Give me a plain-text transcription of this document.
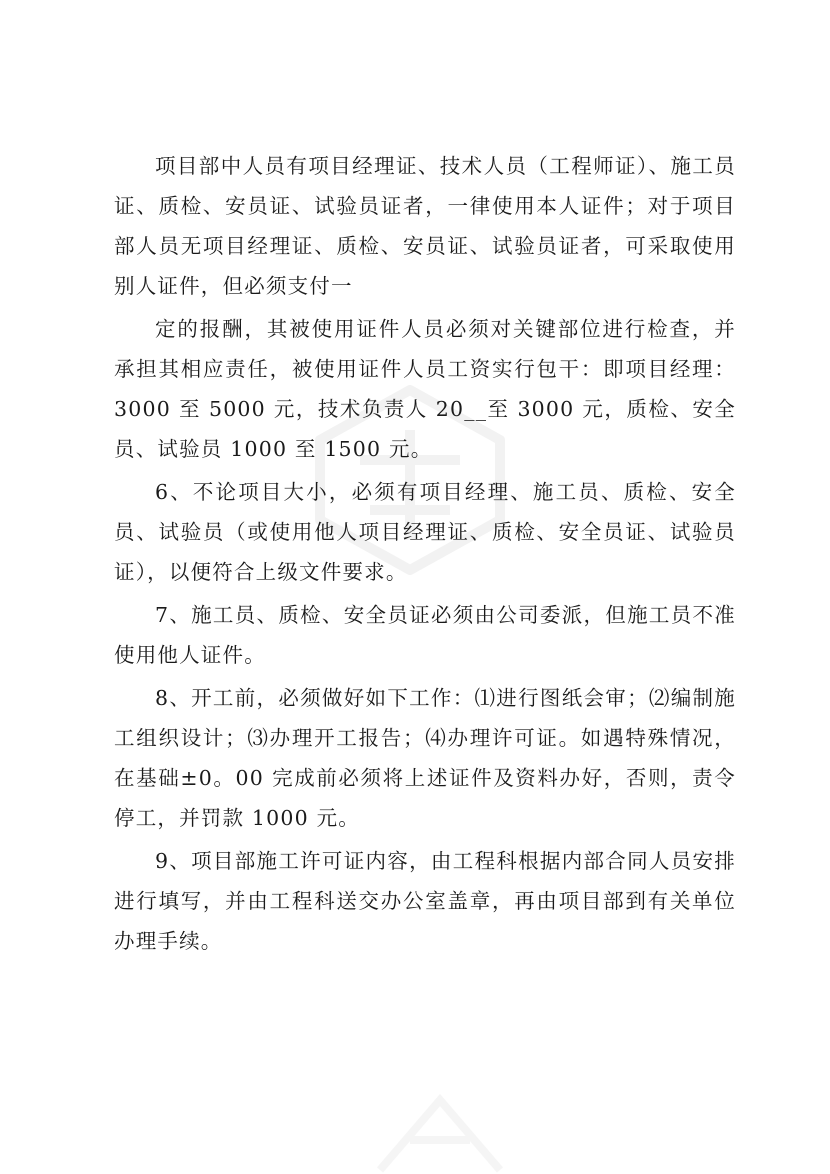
项目部中人员有项目经理证、技术人员（工程师证）、施工员证、质检、安员证、试验员证者，一律使用本人证件；对于项目部人员无项目经理证、质检、安员证、试验员证者，可采取使用别人证件，但必须支付一

定的报酬，其被使用证件人员必须对关键部位进行检查，并承担其相应责任，被使用证件人员工资实行包干：即项目经理：3000 至 5000 元，技术负责人 20__至 3000 元，质检、安全员、试验员 1000 至 1500 元。

6、不论项目大小，必须有项目经理、施工员、质检、安全员、试验员（或使用他人项目经理证、质检、安全员证、试验员证），以便符合上级文件要求。

7、施工员、质检、安全员证必须由公司委派，但施工员不准使用他人证件。

8、开工前，必须做好如下工作：⑴进行图纸会审；⑵编制施工组织设计；⑶办理开工报告；⑷办理许可证。如遇特殊情况，在基础±0。00 完成前必须将上述证件及资料办好，否则，责令停工，并罚款 1000 元。

9、项目部施工许可证内容，由工程科根据内部合同人员安排进行填写，并由工程科送交办公室盖章，再由项目部到有关单位办理手续。
